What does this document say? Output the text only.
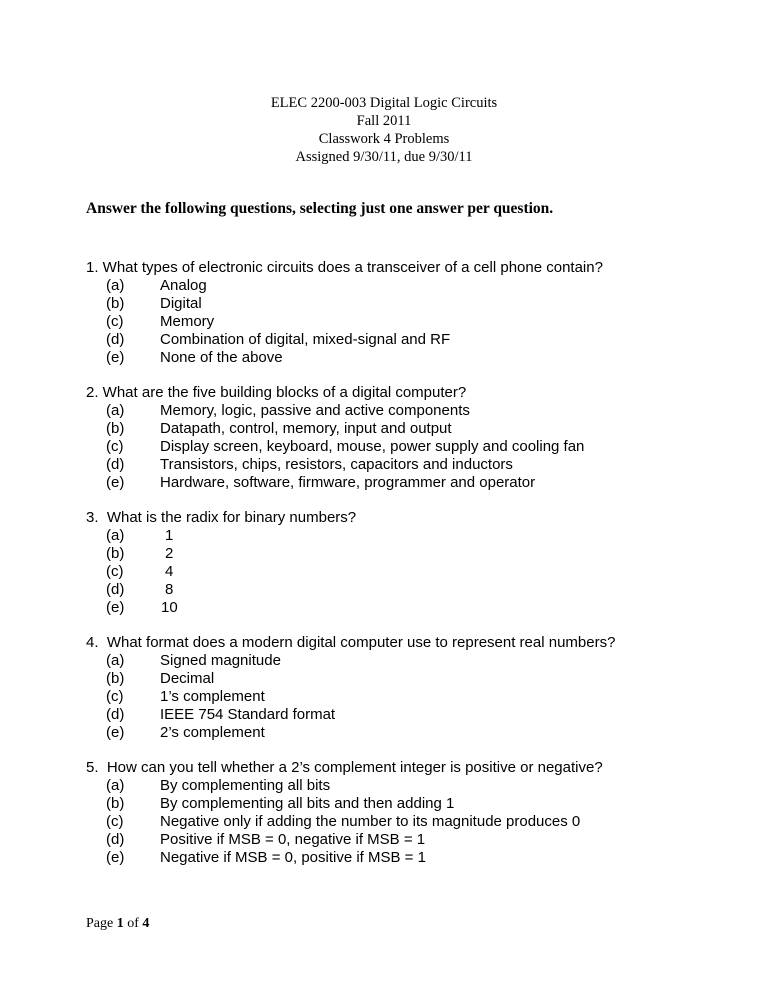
ELEC 2200-003 Digital Logic Circuits
Fall 2011
Classwork 4 Problems
Assigned 9/30/11, due 9/30/11
Answer the following questions, selecting just one answer per question.
1. What types of electronic circuits does a transceiver of a cell phone contain?
(a) Analog
(b) Digital
(c) Memory
(d) Combination of digital, mixed-signal and RF
(e) None of the above
2. What are the five building blocks of a digital computer?
(a) Memory, logic, passive and active components
(b) Datapath, control, memory, input and output
(c) Display screen, keyboard, mouse, power supply and cooling fan
(d) Transistors, chips, resistors, capacitors and inductors
(e) Hardware, software, firmware, programmer and operator
3.  What is the radix for binary numbers?
(a)	1
(b)	2
(c)	4
(d)	8
(e) 10
4.  What format does a modern digital computer use to represent real numbers?
(a) Signed magnitude
(b) Decimal
(c) 1’s complement
(d) IEEE 754 Standard format
(e) 2’s complement
5.  How can you tell whether a 2’s complement integer is positive or negative?
(a) By complementing all bits
(b) By complementing all bits and then adding 1
(c) Negative only if adding the number to its magnitude produces 0
(d) Positive if MSB = 0, negative if MSB = 1
(e) Negative if MSB = 0, positive if MSB = 1
Page 1 of 4
